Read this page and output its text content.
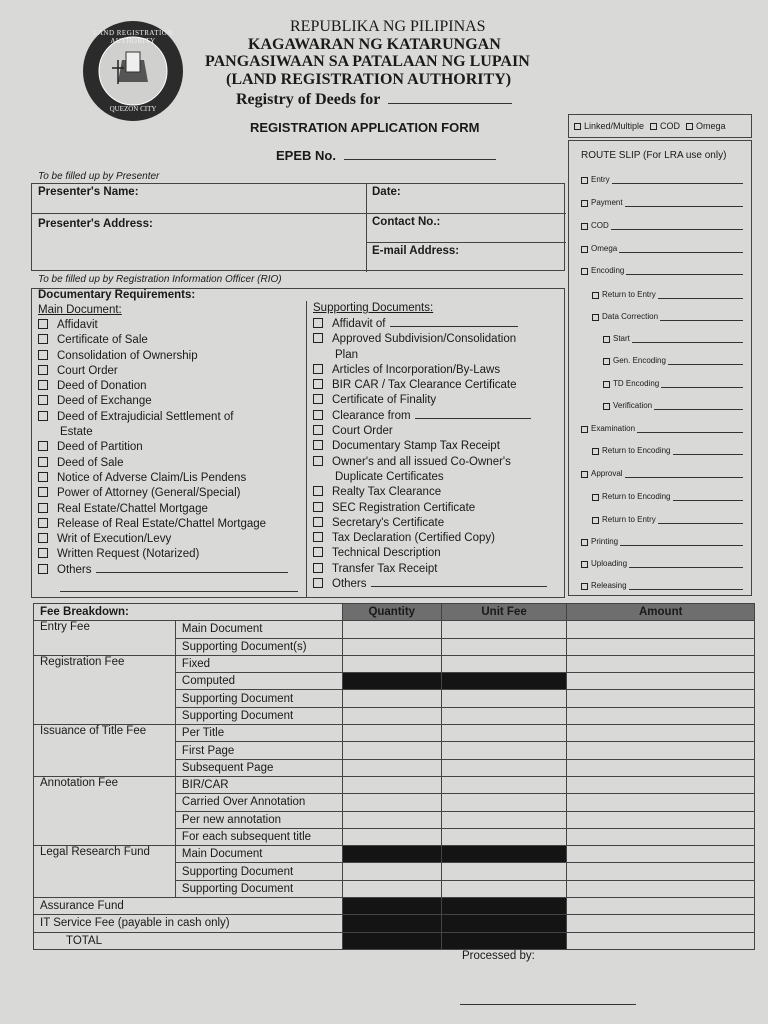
LAND REGISTRATION AUTHORITY
QUEZON CITY
REPUBLIKA NG PILIPINAS
KAGAWARAN NG KATARUNGAN
PANGASIWAAN SA PATALAAN NG LUPAIN
(LAND REGISTRATION AUTHORITY)
Registry of Deeds for
REGISTRATION APPLICATION FORM
EPEB No.
Linked/Multiple	COD	Omega
ROUTE SLIP (For LRA use only)
Entry
Payment
COD
Omega
Encoding
Return to Entry
Data Correction
Start
Gen. Encoding
TD Encoding
Verification
Examination
Return to Encoding
Approval
Return to Encoding
Return to Entry
Printing
Uploading
Releasing
To be filled up by Presenter
Presenter's Name:	Date:
Presenter's Address:	Contact No.:
E-mail Address:
To be filled up by Registration Information Officer (RIO)
Documentary Requirements:
Main Document:
Affidavit
Certificate of Sale
Consolidation of Ownership
Court Order
Deed of Donation
Deed of Exchange
Deed of Extrajudicial Settlement of
Estate
Deed of Partition
Deed of Sale
Notice of Adverse Claim/Lis Pendens
Power of Attorney (General/Special)
Real Estate/Chattel Mortgage
Release of Real Estate/Chattel Mortgage
Writ of Execution/Levy
Written Request (Notarized)
Others
Supporting Documents:
Affidavit of
Approved Subdivision/Consolidation
Plan
Articles of Incorporation/By-Laws
BIR CAR / Tax Clearance Certificate
Certificate of Finality
Clearance from
Court Order
Documentary Stamp Tax Receipt
Owner's and all issued Co-Owner's
Duplicate Certificates
Realty Tax Clearance
SEC Registration Certificate
Secretary's Certificate
Tax Declaration (Certified Copy)
Technical Description
Transfer Tax Receipt
Others
Fee Breakdown:		Quantity	Unit Fee	Amount
Entry Fee	Main Document			
	Supporting Document(s)			
Registration Fee	Fixed			
	Computed			
	Supporting Document			
	Supporting Document			
Issuance of Title Fee	Per Title			
	First Page			
	Subsequent Page			
Annotation Fee	BIR/CAR			
	Carried Over Annotation			
	Per new annotation			
	For each subsequent title			
Legal Research Fund	Main Document			
	Supporting Document			
	Supporting Document			
Assurance Fund				
IT Service Fee (payable in cash only)				
TOTAL				
Processed by:
